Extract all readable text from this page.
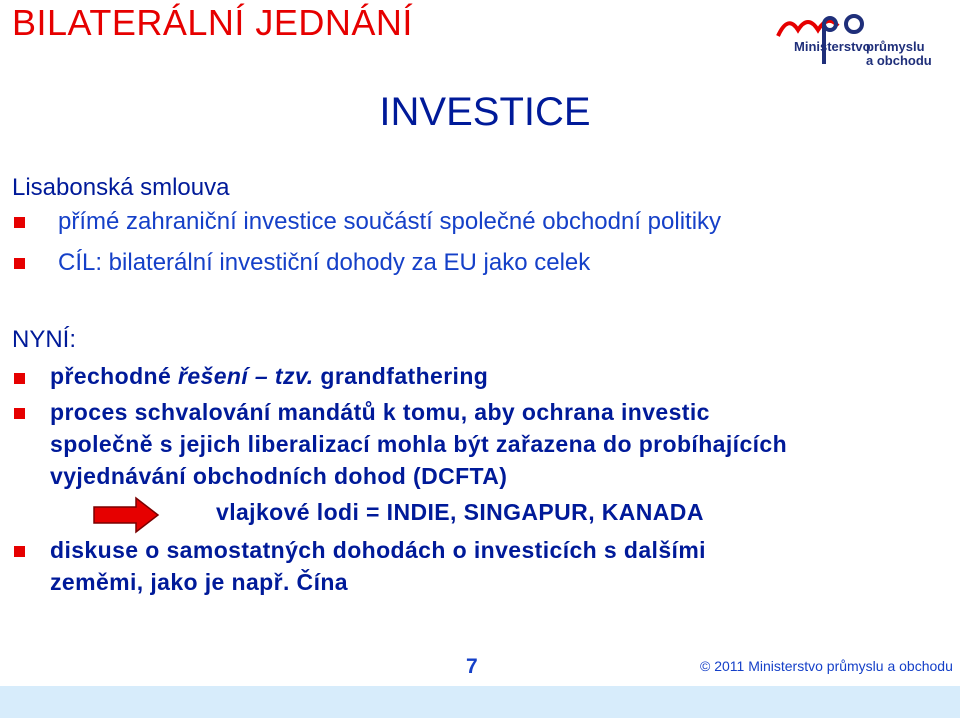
BILATERÁLNÍ JEDNÁNÍ
Ministerstvo
průmyslu
a obchodu
INVESTICE
Lisabonská smlouva
přímé zahraniční investice součástí společné obchodní politiky
CÍL: bilaterální investiční dohody za EU jako celek
NYNÍ:
přechodné řešení – tzv. grandfathering
proces schvalování mandátů k tomu, aby ochrana investic
společně s jejich liberalizací mohla být zařazena do probíhajících
vyjednávání obchodních dohod (DCFTA)
vlajkové lodi = INDIE, SINGAPUR, KANADA
diskuse o samostatných dohodách o investicích s dalšími
zeměmi, jako je např. Čína
7	© 2011 Ministerstvo průmyslu a obchodu
